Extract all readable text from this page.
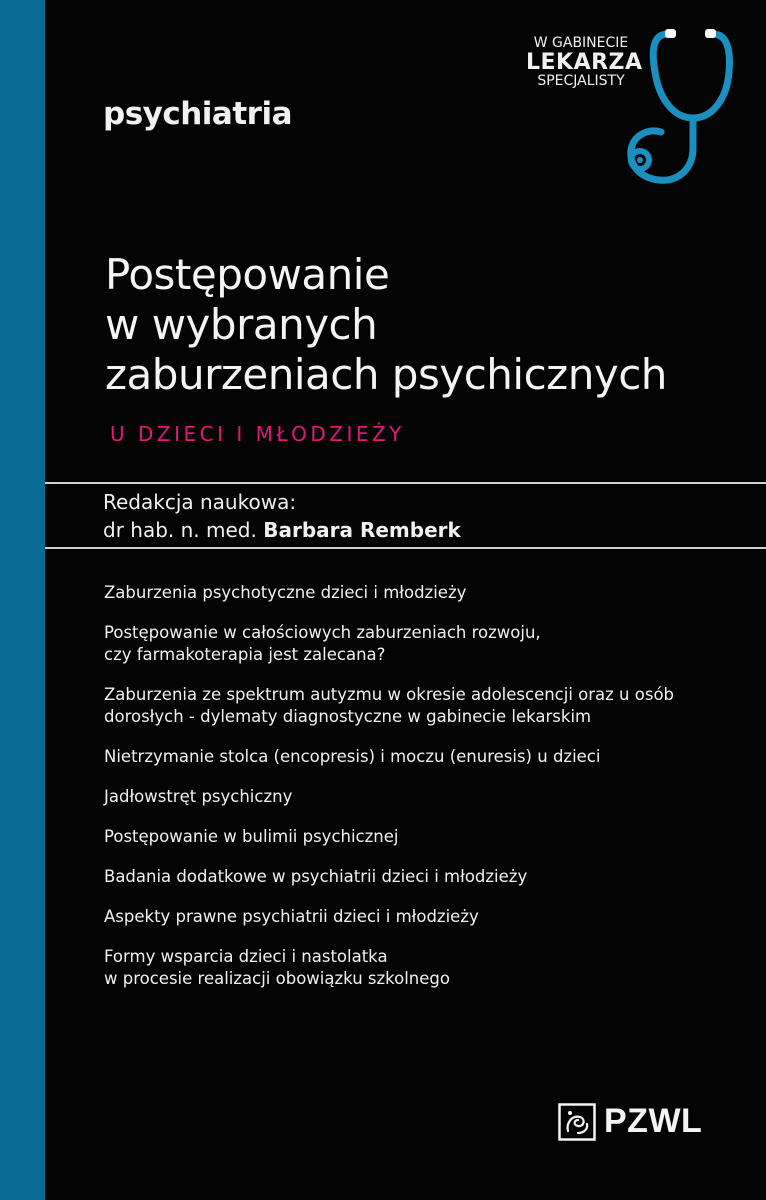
psychiatria
W GABINECIE
LEKARZA
SPECJALISTY
Postępowanie
w wybranych
zaburzeniach psychicznych
U DZIECI I MŁODZIEŻY
Redakcja naukowa:
dr hab. n. med. Barbara Remberk
Zaburzenia psychotyczne dzieci i młodzieży
Postępowanie w całościowych zaburzeniach rozwoju,
czy farmakoterapia jest zalecana?
Zaburzenia ze spektrum autyzmu w okresie adolescencji oraz u osób
dorosłych - dylematy diagnostyczne w gabinecie lekarskim
Nietrzymanie stolca (encopresis) i moczu (enuresis) u dzieci
Jadłowstręt psychiczny
Postępowanie w bulimii psychicznej
Badania dodatkowe w psychiatrii dzieci i młodzieży
Aspekty prawne psychiatrii dzieci i młodzieży
Formy wsparcia dzieci i nastolatka
w procesie realizacji obowiązku szkolnego
PZWL
